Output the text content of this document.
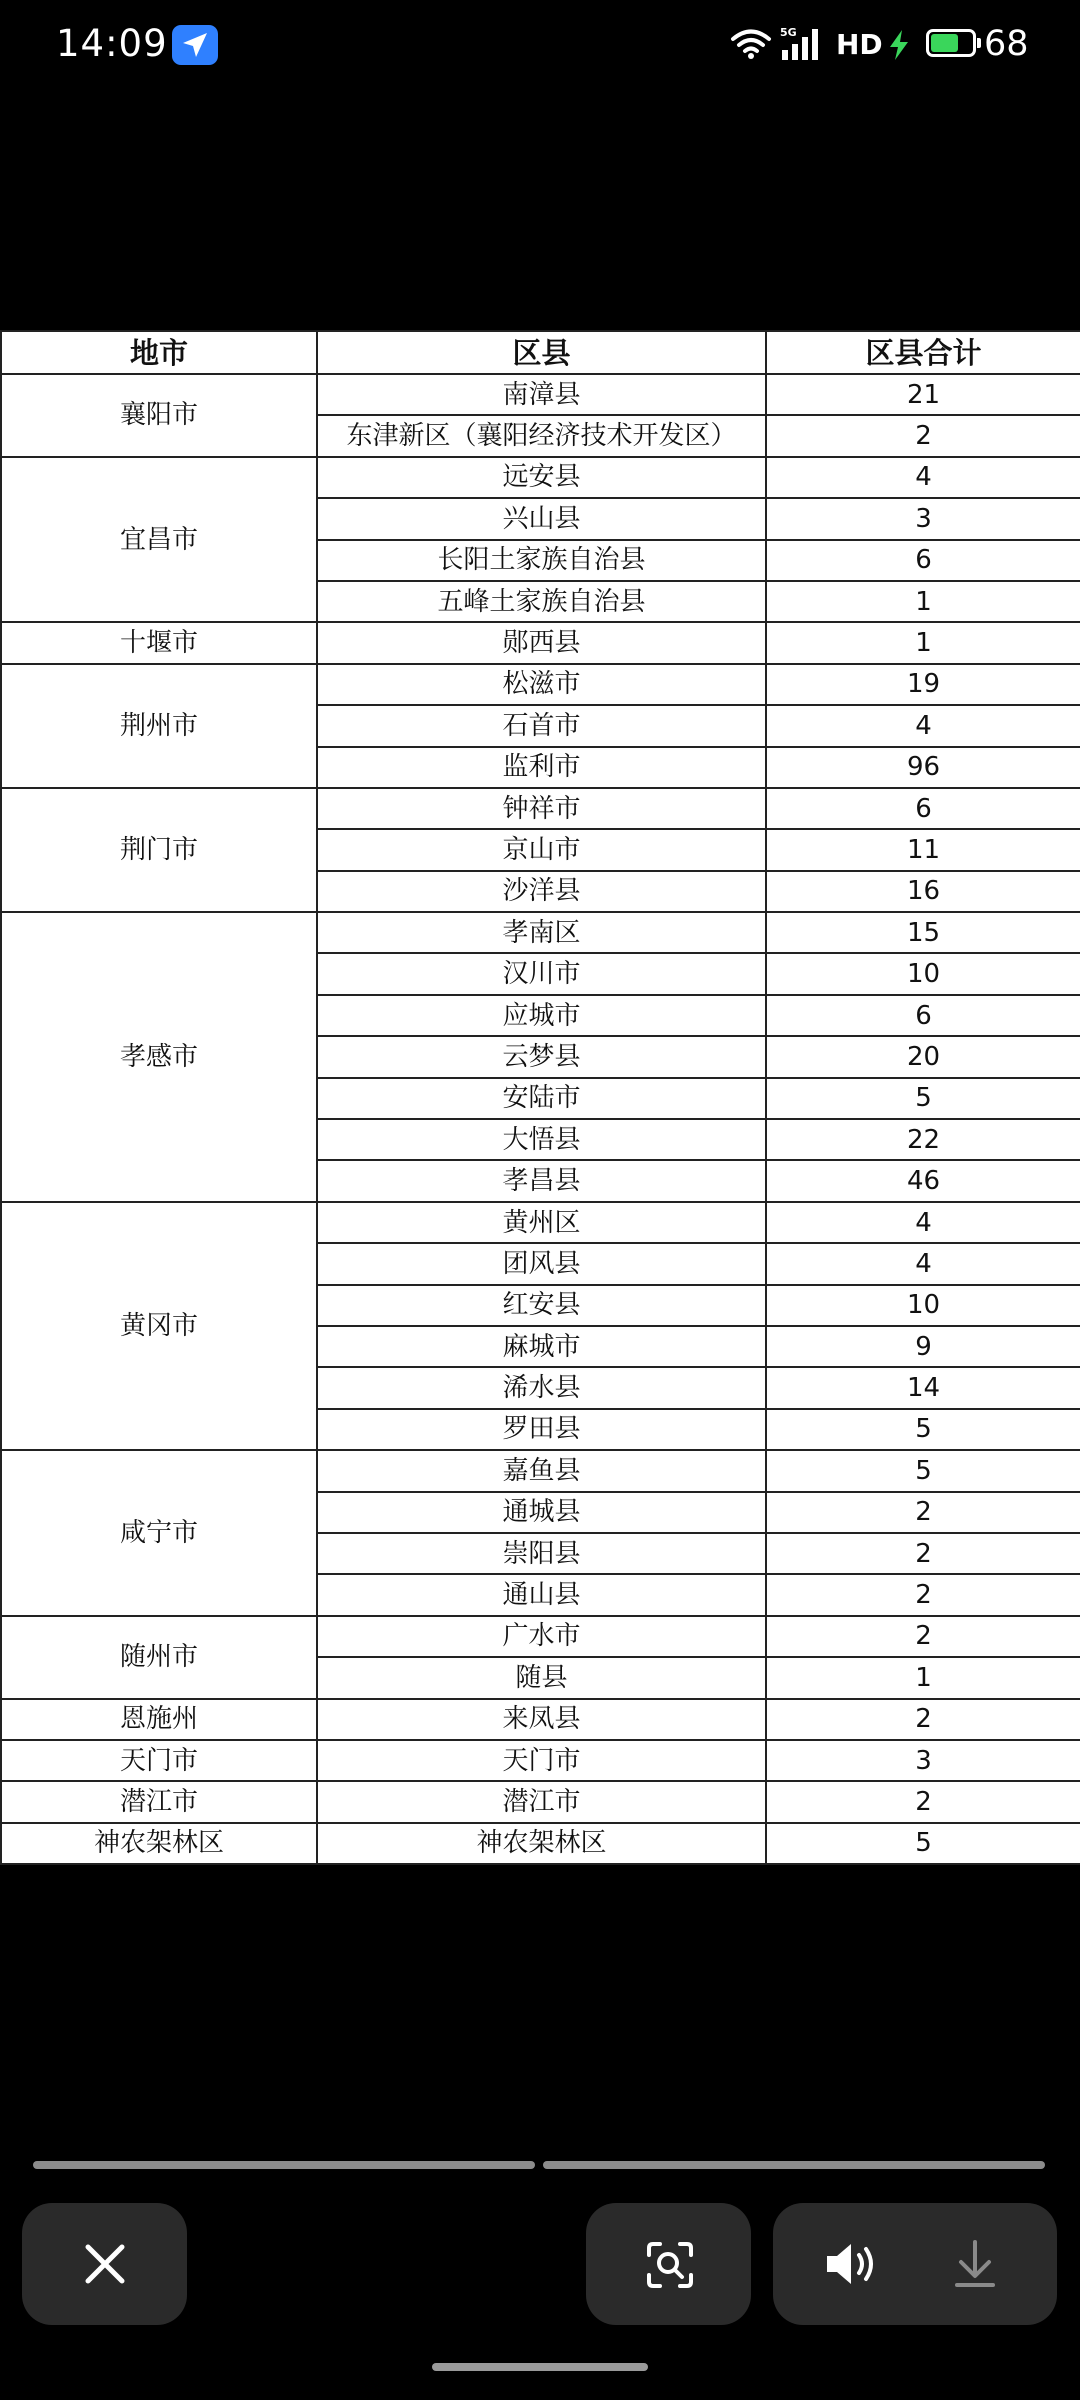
14:09	5G HD	68
地市	区县	区县合计
襄阳市	南漳县	21
	东津新区（襄阳经济技术开发区）	2
宜昌市	远安县	4
	兴山县	3
	长阳土家族自治县	6
	五峰土家族自治县	1
十堰市	郧西县	1
荆州市	松滋市	19
	石首市	4
	监利市	96
荆门市	钟祥市	6
	京山市	11
	沙洋县	16
孝感市	孝南区	15
	汉川市	10
	应城市	6
	云梦县	20
	安陆市	5
	大悟县	22
	孝昌县	46
黄冈市	黄州区	4
	团风县	4
	红安县	10
	麻城市	9
	浠水县	14
	罗田县	5
咸宁市	嘉鱼县	5
	通城县	2
	崇阳县	2
	通山县	2
随州市	广水市	2
	随县	1
恩施州	来凤县	2
天门市	天门市	3
潜江市	潜江市	2
神农架林区	神农架林区	5
